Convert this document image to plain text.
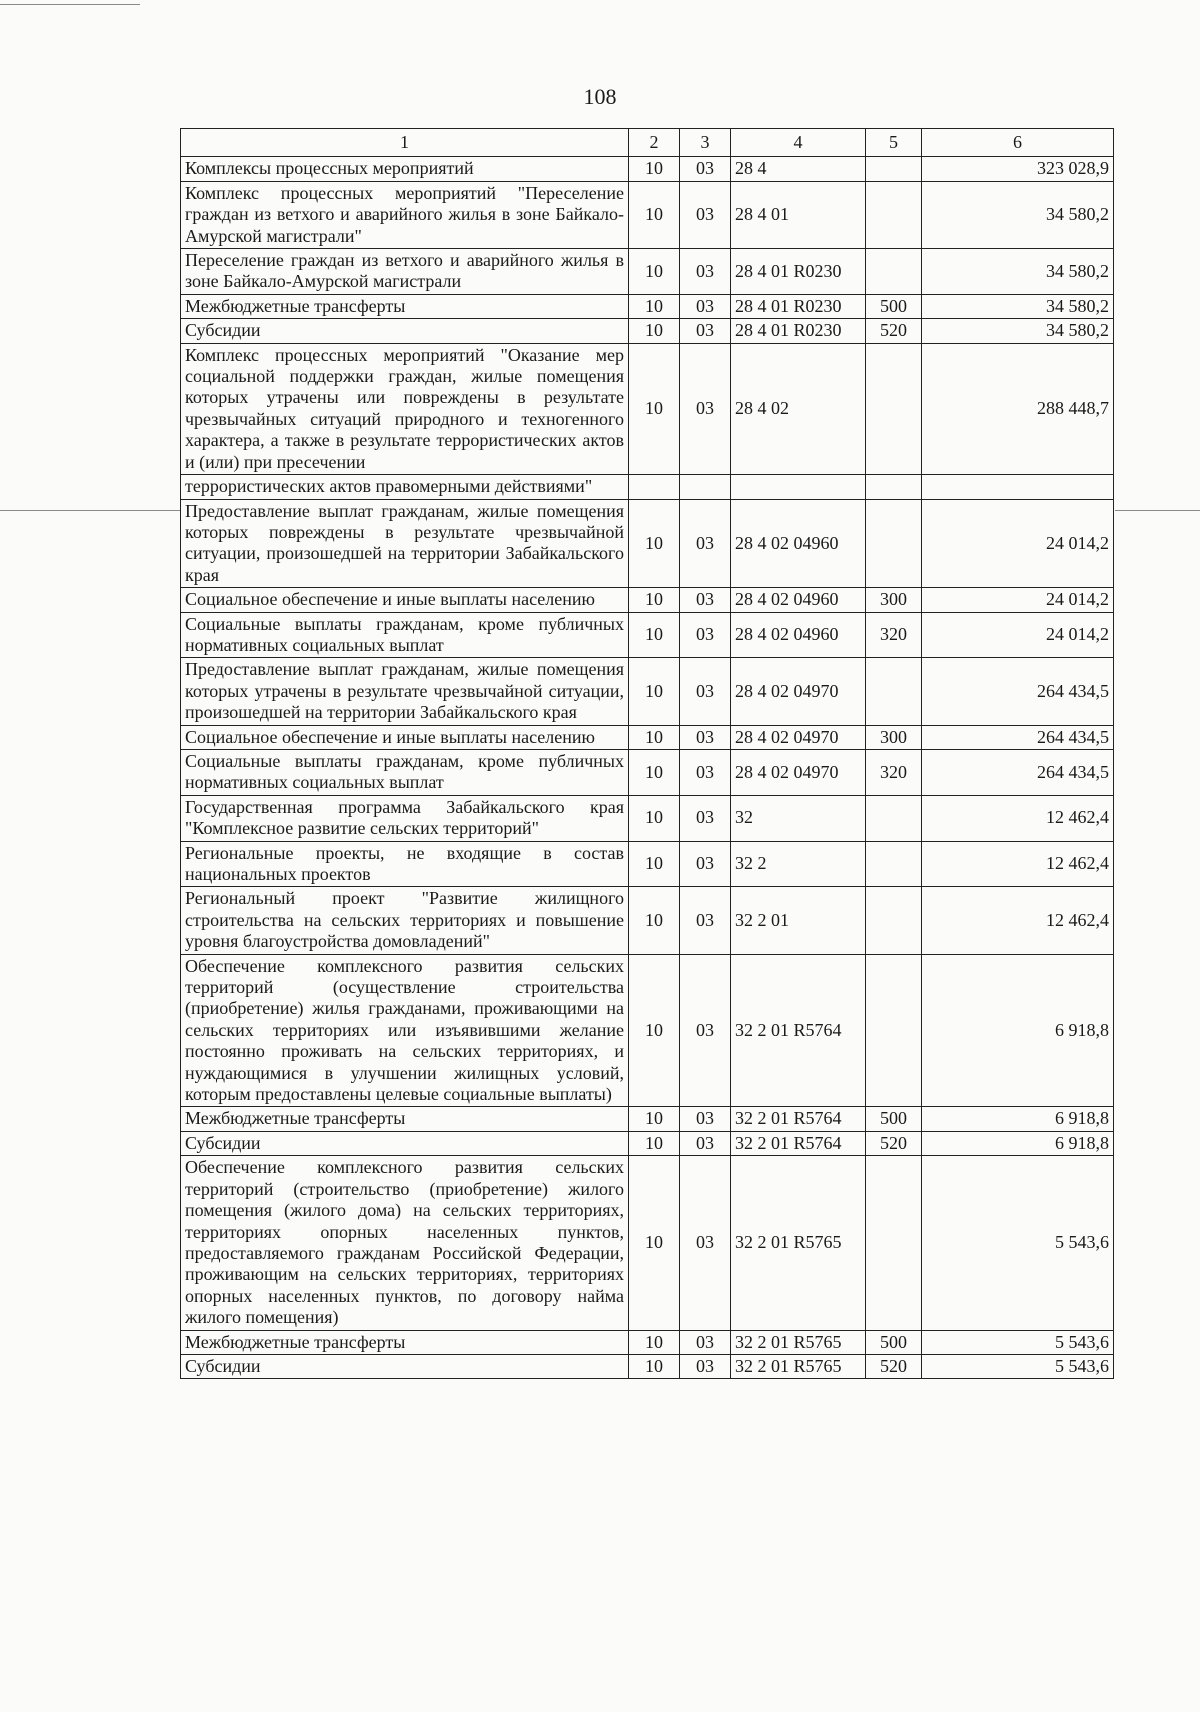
108
1	2	3	4	5	6
Комплексы процессных мероприятий	10	03	28 4		323 028,9
Комплекс процессных мероприятий "Переселение граждан из ветхого и аварийного жилья в зоне Байкало-Амурской магистрали"	10	03	28 4 01		34 580,2
Переселение граждан из ветхого и аварийного жилья в зоне Байкало-Амурской магистрали	10	03	28 4 01 R0230		34 580,2
Межбюджетные трансферты	10	03	28 4 01 R0230	500	34 580,2
Субсидии	10	03	28 4 01 R0230	520	34 580,2
Комплекс процессных мероприятий "Оказание мер социальной поддержки граждан, жилые помещения которых утрачены или повреждены в результате чрезвычайных ситуаций природного и техногенного характера, а также в результате террористических актов и (или) при пресечении	10	03	28 4 02		288 448,7
террористических актов правомерными действиями"					
Предоставление выплат гражданам, жилые помещения которых повреждены в результате чрезвычайной ситуации, произошедшей на территории Забайкальского края	10	03	28 4 02 04960		24 014,2
Социальное обеспечение и иные выплаты населению	10	03	28 4 02 04960	300	24 014,2
Социальные выплаты гражданам, кроме публичных нормативных социальных выплат	10	03	28 4 02 04960	320	24 014,2
Предоставление выплат гражданам, жилые помещения которых утрачены в результате чрезвычайной ситуации, произошедшей на территории Забайкальского края	10	03	28 4 02 04970		264 434,5
Социальное обеспечение и иные выплаты населению	10	03	28 4 02 04970	300	264 434,5
Социальные выплаты гражданам, кроме публичных нормативных социальных выплат	10	03	28 4 02 04970	320	264 434,5
Государственная программа Забайкальского края "Комплексное развитие сельских территорий"	10	03	32		12 462,4
Региональные проекты, не входящие в состав национальных проектов	10	03	32 2		12 462,4
Региональный проект "Развитие жилищного строительства на сельских территориях и повышение уровня благоустройства домовладений"	10	03	32 2 01		12 462,4
Обеспечение комплексного развития сельских территорий (осуществление строительства (приобретение) жилья гражданами, проживающими на сельских территориях или изъявившими желание постоянно проживать на сельских территориях, и нуждающимися в улучшении жилищных условий, которым предоставлены целевые социальные выплаты)	10	03	32 2 01 R5764		6 918,8
Межбюджетные трансферты	10	03	32 2 01 R5764	500	6 918,8
Субсидии	10	03	32 2 01 R5764	520	6 918,8
Обеспечение комплексного развития сельских территорий (строительство (приобретение) жилого помещения (жилого дома) на сельских территориях, территориях опорных населенных пунктов, предоставляемого гражданам Российской Федерации, проживающим на сельских территориях, территориях опорных населенных пунктов, по договору найма жилого помещения)	10	03	32 2 01 R5765		5 543,6
Межбюджетные трансферты	10	03	32 2 01 R5765	500	5 543,6
Субсидии	10	03	32 2 01 R5765	520	5 543,6
